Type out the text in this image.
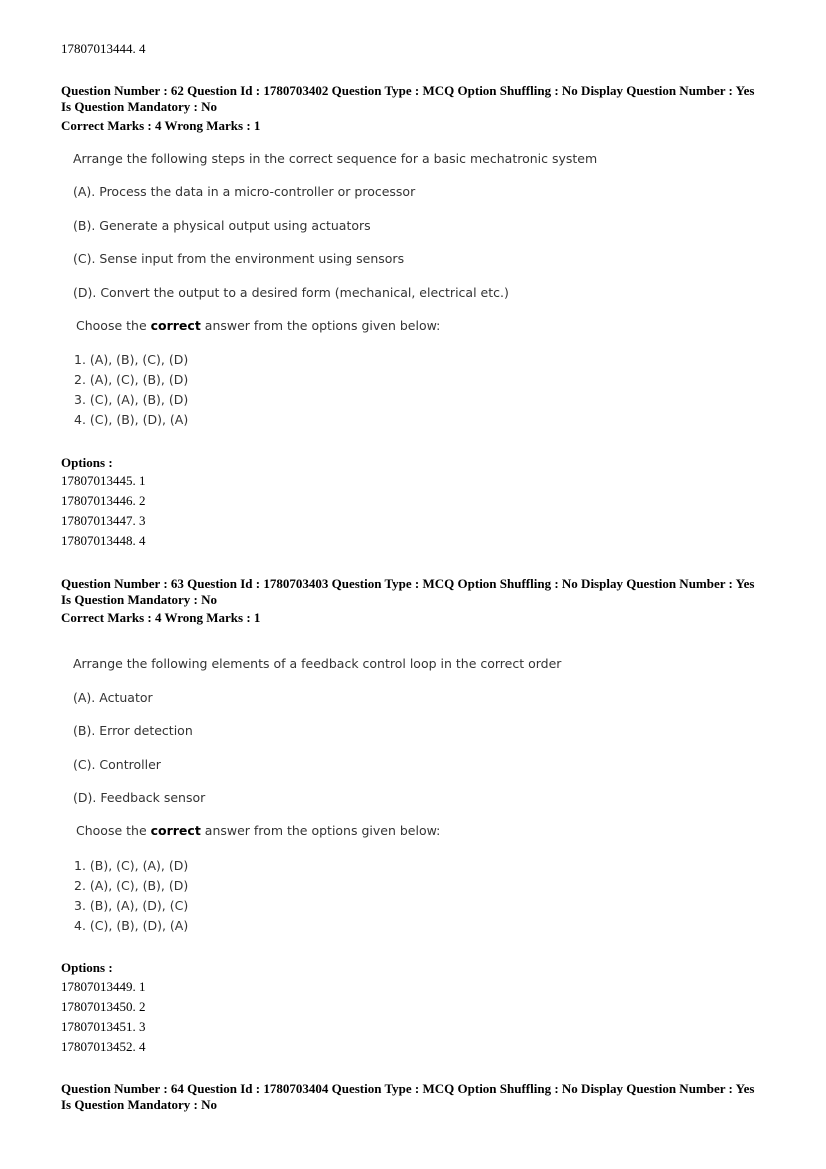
17807013444. 4
Question Number : 62 Question Id : 1780703402 Question Type : MCQ Option Shuffling : No Display Question Number : Yes
Is Question Mandatory : No
Correct Marks : 4 Wrong Marks : 1
Arrange the following steps in the correct sequence for a basic mechatronic system
(A). Process the data in a micro-controller or processor
(B). Generate a physical output using actuators
(C). Sense input from the environment using sensors
(D). Convert the output to a desired form (mechanical, electrical etc.)
Choose the correct answer from the options given below:
1. (A), (B), (C), (D)
2. (A), (C), (B), (D)
3. (C), (A), (B), (D)
4. (C), (B), (D), (A)
Options :
17807013445. 1
17807013446. 2
17807013447. 3
17807013448. 4
Question Number : 63 Question Id : 1780703403 Question Type : MCQ Option Shuffling : No Display Question Number : Yes
Is Question Mandatory : No
Correct Marks : 4 Wrong Marks : 1
Arrange the following elements of a feedback control loop in the correct order
(A). Actuator
(B). Error detection
(C). Controller
(D). Feedback sensor
Choose the correct answer from the options given below:
1. (B), (C), (A), (D)
2. (A), (C), (B), (D)
3. (B), (A), (D), (C)
4. (C), (B), (D), (A)
Options :
17807013449. 1
17807013450. 2
17807013451. 3
17807013452. 4
Question Number : 64 Question Id : 1780703404 Question Type : MCQ Option Shuffling : No Display Question Number : Yes
Is Question Mandatory : No
